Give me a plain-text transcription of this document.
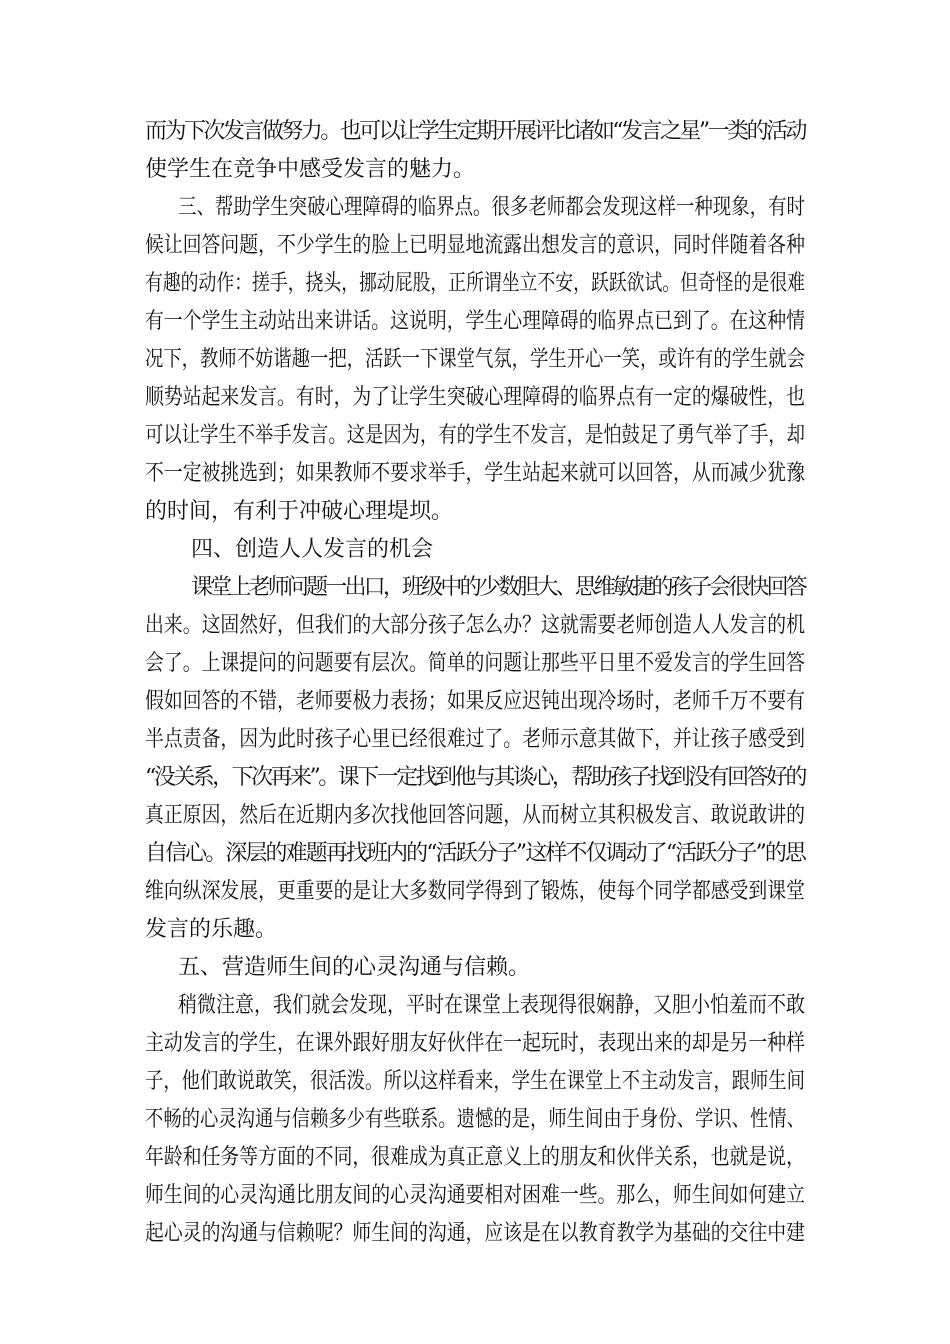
而为下次发言做努力。也可以让学生定期开展评比诸如“发言之星”一类的活动
使学生在竞争中感受发言的魅力。
三、帮助学生突破心理障碍的临界点。很多老师都会发现这样一种现象，有时
候让回答问题，不少学生的脸上已明显地流露出想发言的意识，同时伴随着各种
有趣的动作：搓手，挠头，挪动屁股，正所谓坐立不安，跃跃欲试。但奇怪的是很难
有一个学生主动站出来讲话。这说明，学生心理障碍的临界点已到了。在这种情
况下，教师不妨谐趣一把，活跃一下课堂气氛，学生开心一笑，或许有的学生就会
顺势站起来发言。有时，为了让学生突破心理障碍的临界点有一定的爆破性，也
可以让学生不举手发言。这是因为，有的学生不发言，是怕鼓足了勇气举了手，却
不一定被挑选到；如果教师不要求举手，学生站起来就可以回答，从而减少犹豫
的时间，有利于冲破心理堤坝。
四、创造人人发言的机会
课堂上老师问题一出口，班级中的少数胆大、思维敏捷的孩子会很快回答
出来。这固然好，但我们的大部分孩子怎么办？这就需要老师创造人人发言的机
会了。上课提问的问题要有层次。简单的问题让那些平日里不爱发言的学生回答
假如回答的不错，老师要极力表扬；如果反应迟钝出现冷场时，老师千万不要有
半点责备，因为此时孩子心里已经很难过了。老师示意其做下，并让孩子感受到
“没关系，下次再来”。课下一定找到他与其谈心，帮助孩子找到没有回答好的
真正原因，然后在近期内多次找他回答问题，从而树立其积极发言、敢说敢讲的
自信心。深层的难题再找班内的“活跃分子”这样不仅调动了“活跃分子”的思
维向纵深发展，更重要的是让大多数同学得到了锻炼，使每个同学都感受到课堂
发言的乐趣。
五、营造师生间的心灵沟通与信赖。
稍微注意，我们就会发现，平时在课堂上表现得很娴静，又胆小怕羞而不敢
主动发言的学生，在课外跟好朋友好伙伴在一起玩时，表现出来的却是另一种样
子，他们敢说敢笑，很活泼。所以这样看来，学生在课堂上不主动发言，跟师生间
不畅的心灵沟通与信赖多少有些联系。遗憾的是，师生间由于身份、学识、性情、
年龄和任务等方面的不同，很难成为真正意义上的朋友和伙伴关系，也就是说，
师生间的心灵沟通比朋友间的心灵沟通要相对困难一些。那么，师生间如何建立
起心灵的沟通与信赖呢？师生间的沟通，应该是在以教育教学为基础的交往中建
